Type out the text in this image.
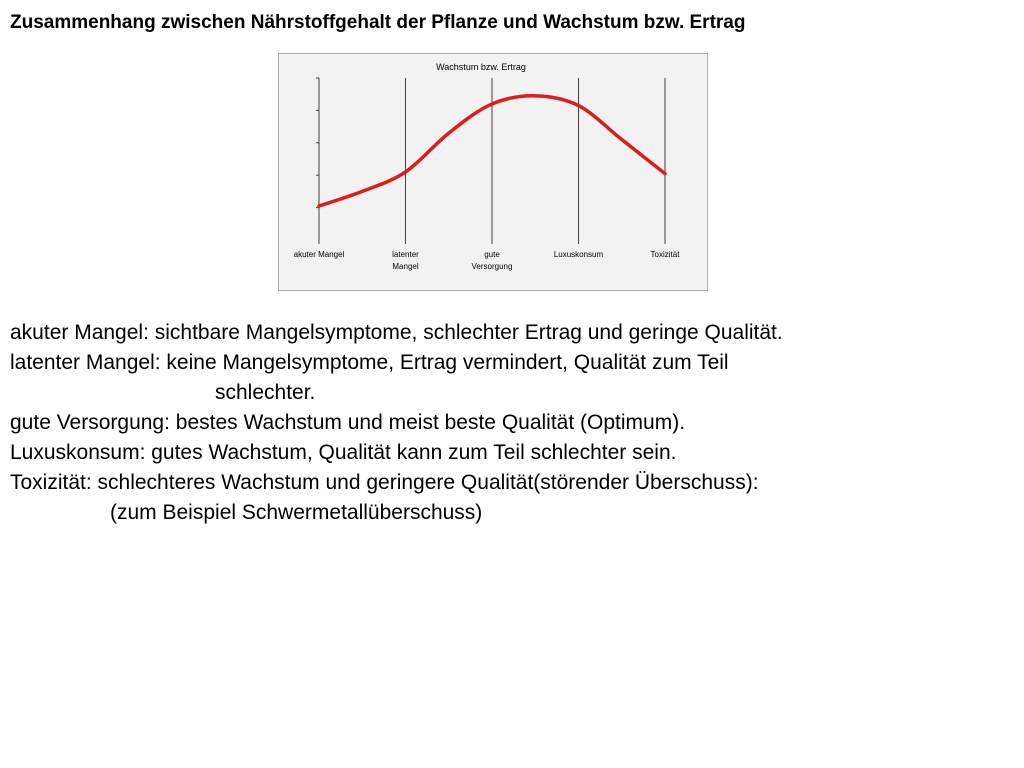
Zusammenhang zwischen Nährstoffgehalt der Pflanze und Wachstum bzw. Ertrag
Wachstum bzw. Ertrag
akuter Mangel	latenter Mangel
gute Versorgung
Luxuskonsum	Toxizität

akuter Mangel: sichtbare Mangelsymptome, schlechter Ertrag und geringe Qualität.

latenter Mangel: keine Mangelsymptome, Ertrag vermindert, Qualität zum Teil

schlechter.

gute Versorgung: bestes Wachstum und meist beste Qualität (Optimum).

Luxuskonsum: gutes Wachstum, Qualität kann zum Teil schlechter sein.

Toxizität: schlechteres Wachstum und geringere Qualität(störender Überschuss):

(zum Beispiel Schwermetallüberschuss)
